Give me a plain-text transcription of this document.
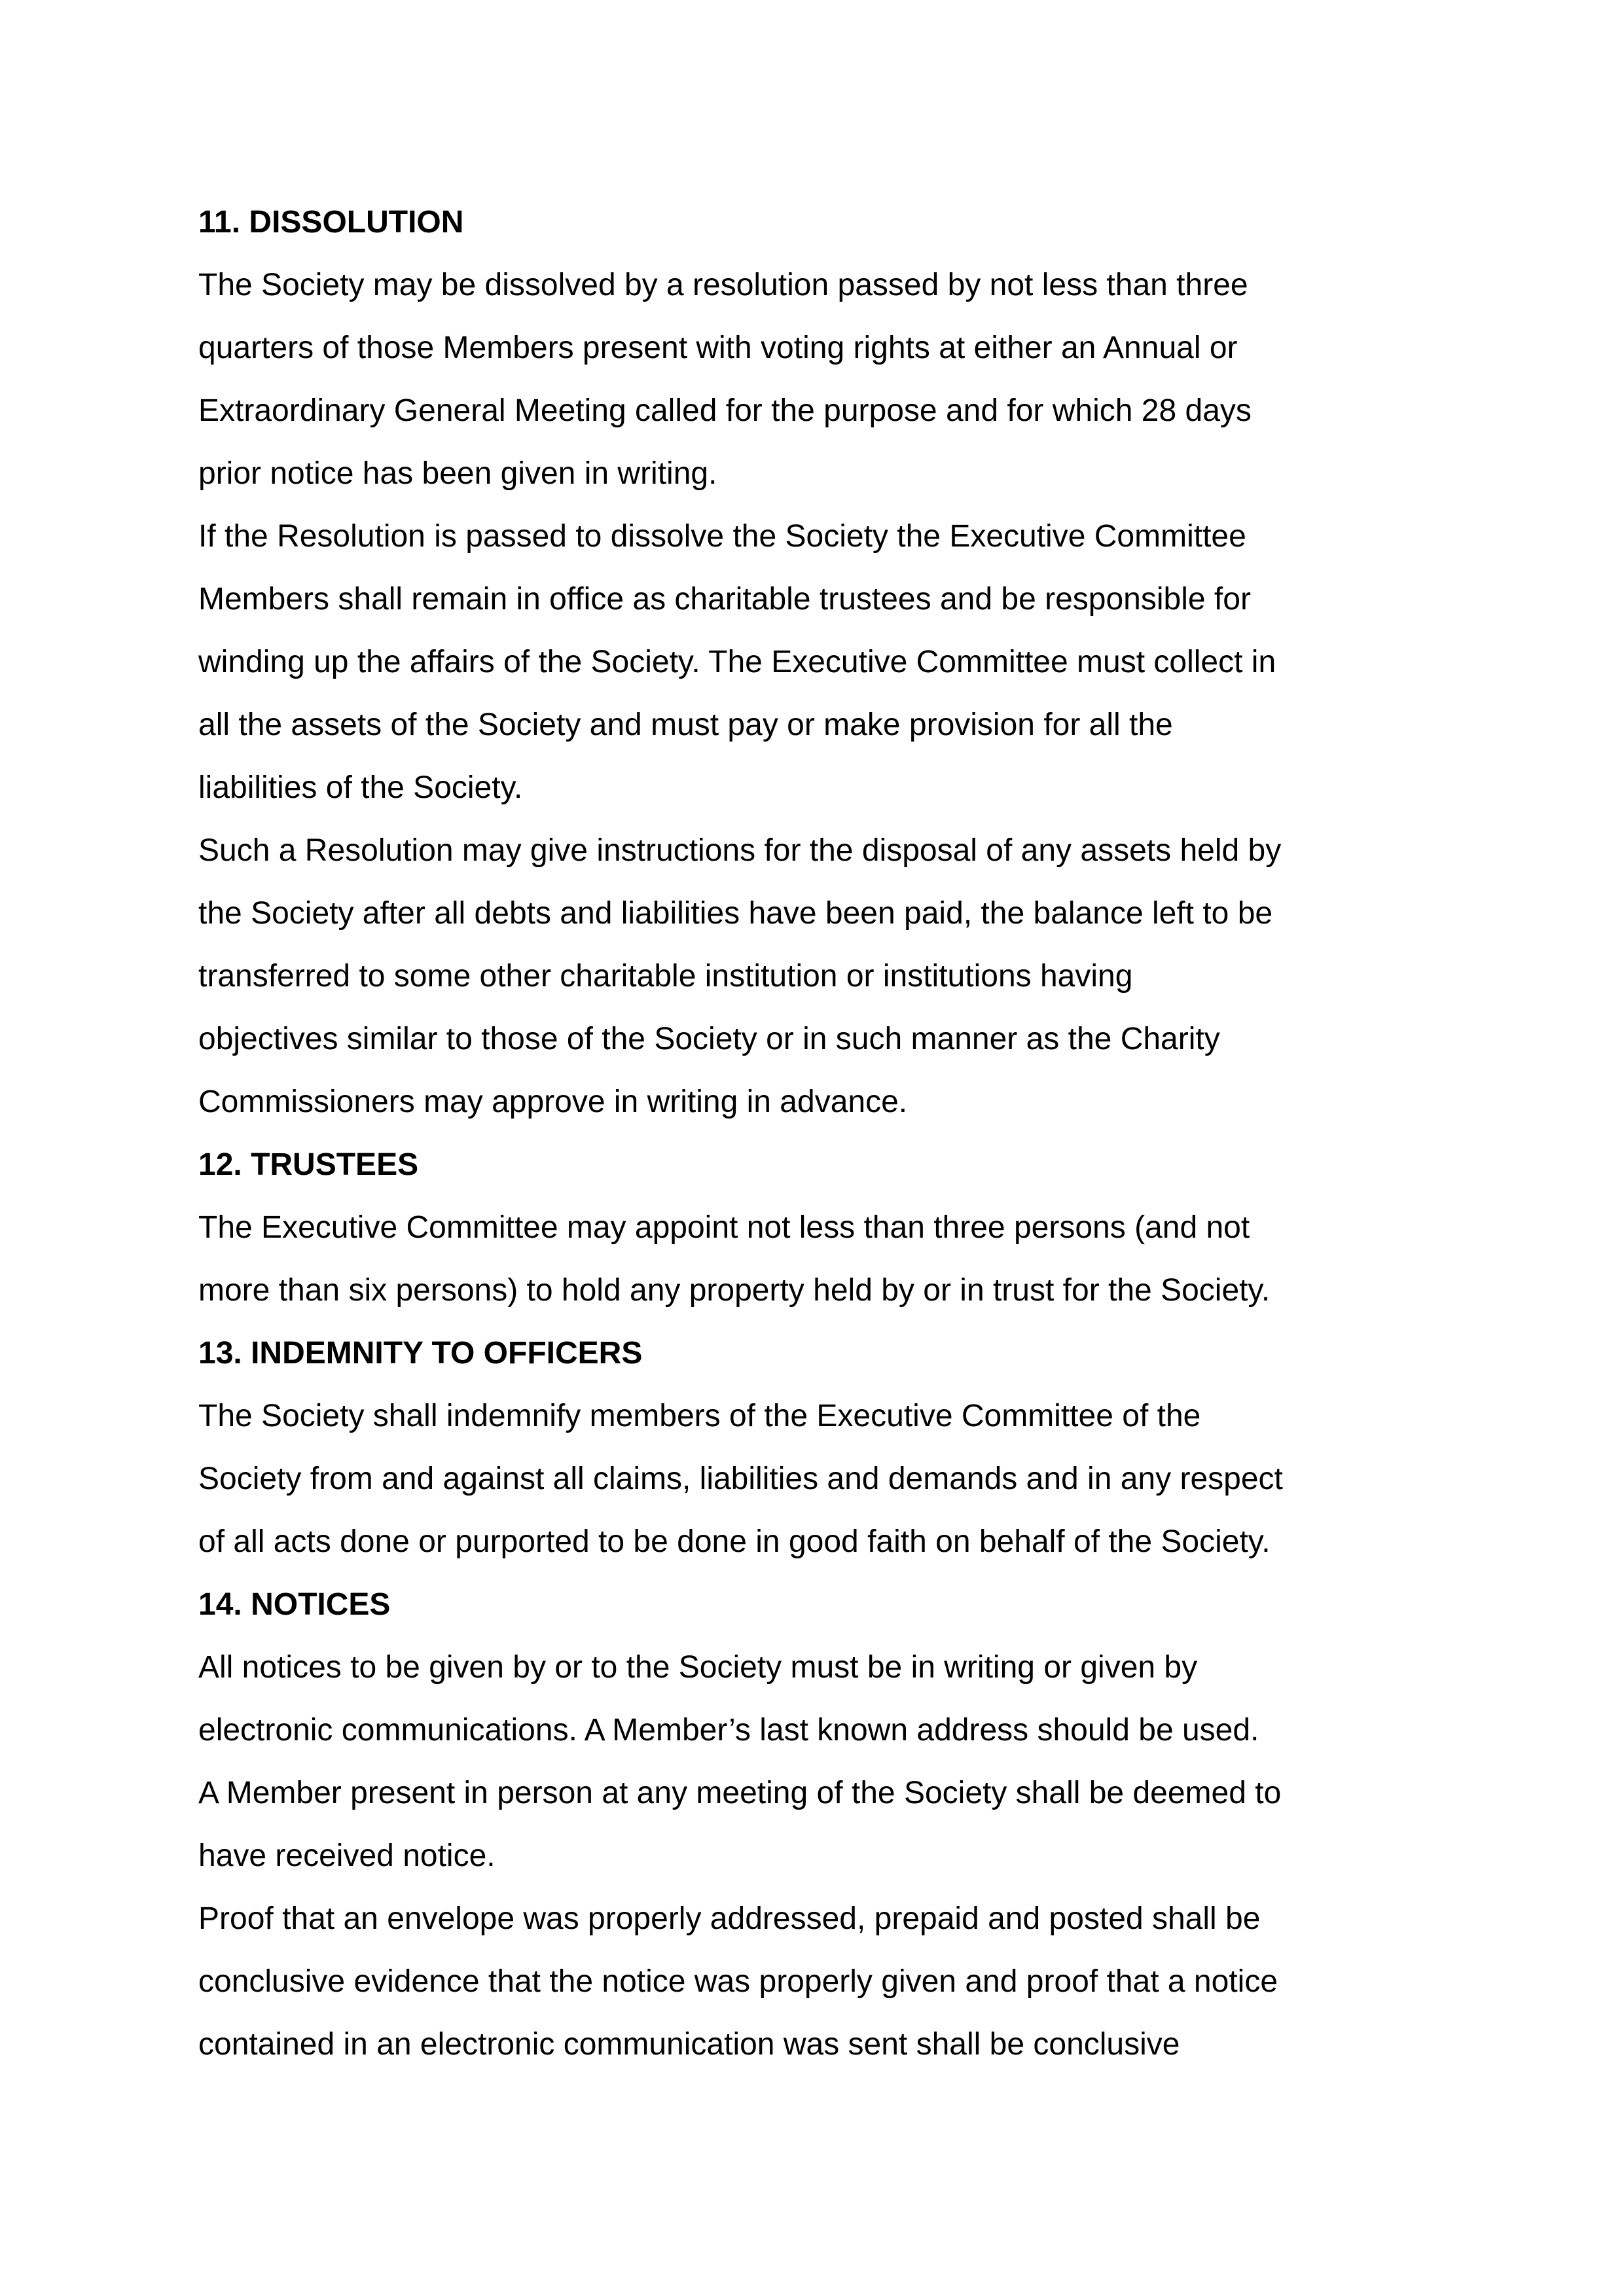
11. DISSOLUTION

The Society may be dissolved by a resolution passed by not less than three

quarters of those Members present with voting rights at either an Annual or

Extraordinary General Meeting called for the purpose and for which 28 days

prior notice has been given in writing.

If the Resolution is passed to dissolve the Society the Executive Committee

Members shall remain in office as charitable trustees and be responsible for

winding up the affairs of the Society. The Executive Committee must collect in

all the assets of the Society and must pay or make provision for all the

liabilities of the Society.

Such a Resolution may give instructions for the disposal of any assets held by

the Society after all debts and liabilities have been paid, the balance left to be

transferred to some other charitable institution or institutions having

objectives similar to those of the Society or in such manner as the Charity

Commissioners may approve in writing in advance.

12. TRUSTEES

The Executive Committee may appoint not less than three persons (and not

more than six persons) to hold any property held by or in trust for the Society.

13. INDEMNITY TO OFFICERS

The Society shall indemnify members of the Executive Committee of the

Society from and against all claims, liabilities and demands and in any respect

of all acts done or purported to be done in good faith on behalf of the Society.

14. NOTICES

All notices to be given by or to the Society must be in writing or given by

electronic communications. A Member’s last known address should be used.

A Member present in person at any meeting of the Society shall be deemed to

have received notice.

Proof that an envelope was properly addressed, prepaid and posted shall be

conclusive evidence that the notice was properly given and proof that a notice

contained in an electronic communication was sent shall be conclusive
